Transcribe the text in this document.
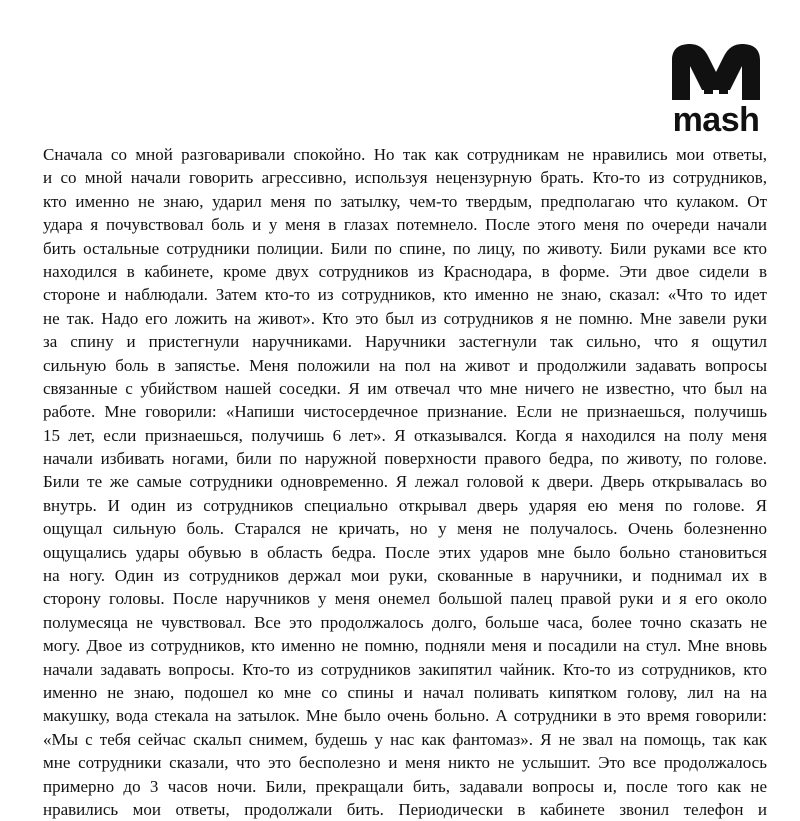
mash
Сначала со мной разговаривали спокойно. Но так как сотрудникам не нравились мои ответы,
и со мной начали говорить агрессивно, используя нецензурную брать. Кто-то из сотрудников,
кто именно не знаю, ударил меня по затылку, чем-то твердым, предполагаю что кулаком. От
удара я почувствовал боль и у меня в глазах потемнело. После этого меня по очереди начали
бить остальные сотрудники полиции. Били по спине, по лицу, по животу. Били руками все кто
находился в кабинете, кроме двух сотрудников из Краснодара, в форме. Эти двое сидели в
стороне и наблюдали. Затем кто-то из сотрудников, кто именно не знаю, сказал: «Что то идет
не так. Надо его ложить на живот». Кто это был из сотрудников я не помню. Мне завели руки
за спину и пристегнули наручниками. Наручники застегнули так сильно, что я ощутил
сильную боль в запястье. Меня положили на пол на живот и продолжили задавать вопросы
связанные с убийством нашей соседки. Я им отвечал что мне ничего не известно, что был на
работе. Мне говорили: «Напиши чистосердечное признание. Если не признаешься, получишь
15 лет, если признаешься, получишь 6 лет». Я отказывался. Когда я находился на полу меня
начали избивать ногами, били по наружной поверхности правого бедра, по животу, по голове.
Били те же самые сотрудники одновременно. Я лежал головой к двери. Дверь открывалась во
внутрь. И один из сотрудников специально открывал дверь ударяя ею меня по голове. Я
ощущал сильную боль. Старался не кричать, но у меня не получалось. Очень болезненно
ощущались удары обувью в область бедра. После этих ударов мне было больно становиться
на ногу. Один из сотрудников держал мои руки, скованные в наручники, и поднимал их в
сторону головы. После наручников у меня онемел большой палец правой руки и я его около
полумесяца не чувствовал. Все это продолжалось долго, больше часа, более точно сказать не
могу. Двое из сотрудников, кто именно не помню, подняли меня и посадили на стул. Мне вновь
начали задавать вопросы. Кто-то из сотрудников закипятил чайник. Кто-то из сотрудников, кто
именно не знаю, подошел ко мне со спины и начал поливать кипятком голову, лил на на
макушку, вода стекала на затылок. Мне было очень больно. А сотрудники в это время говорили:
«Мы с тебя сейчас скальп снимем, будешь у нас как фантомаз». Я не звал на помощь, так как
мне сотрудники сказали, что это бесполезно и меня никто не услышит. Это все продолжалось
примерно до 3 часов ночи. Били, прекращали бить, задавали вопросы и, после того как не
нравились мои ответы, продолжали бить. Периодически в кабинете звонил телефон и
